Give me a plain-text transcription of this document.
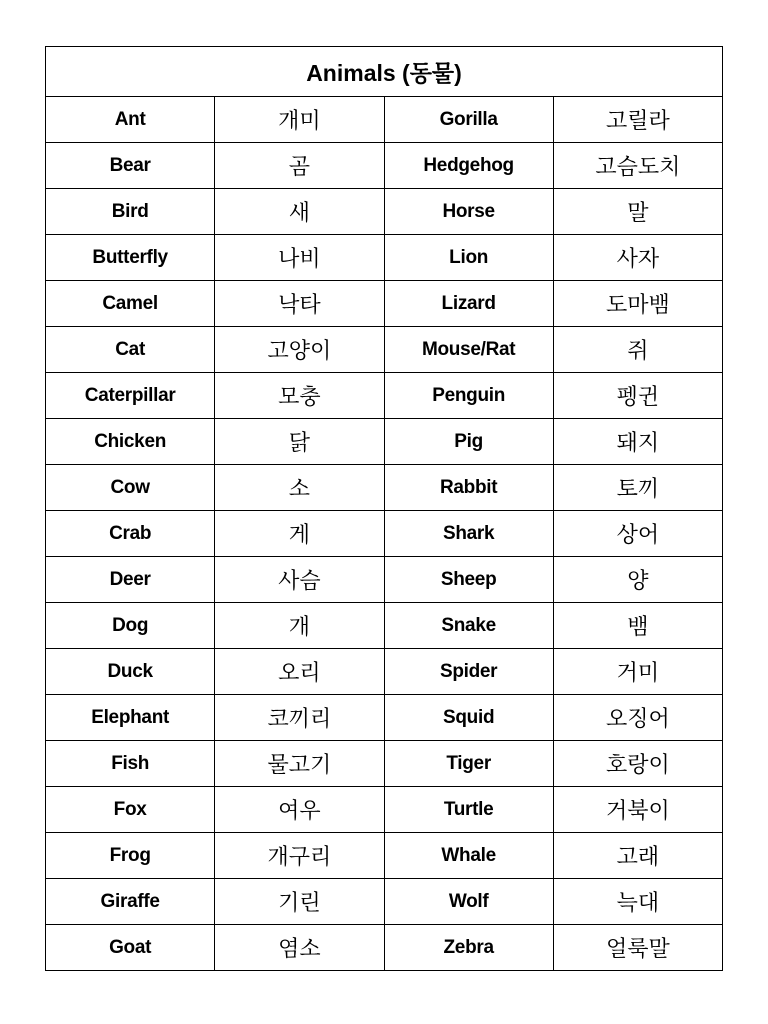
Animals (동물)			
Ant	개미	Gorilla	고릴라
Bear	곰	Hedgehog	고슴도치
Bird	새	Horse	말
Butterfly	나비	Lion	사자
Camel	낙타	Lizard	도마뱀
Cat	고양이	Mouse/Rat	쥐
Caterpillar	모충	Penguin	펭귄
Chicken	닭	Pig	돼지
Cow	소	Rabbit	토끼
Crab	게	Shark	상어
Deer	사슴	Sheep	양
Dog	개	Snake	뱀
Duck	오리	Spider	거미
Elephant	코끼리	Squid	오징어
Fish	물고기	Tiger	호랑이
Fox	여우	Turtle	거북이
Frog	개구리	Whale	고래
Giraffe	기린	Wolf	늑대
Goat	염소	Zebra	얼룩말
